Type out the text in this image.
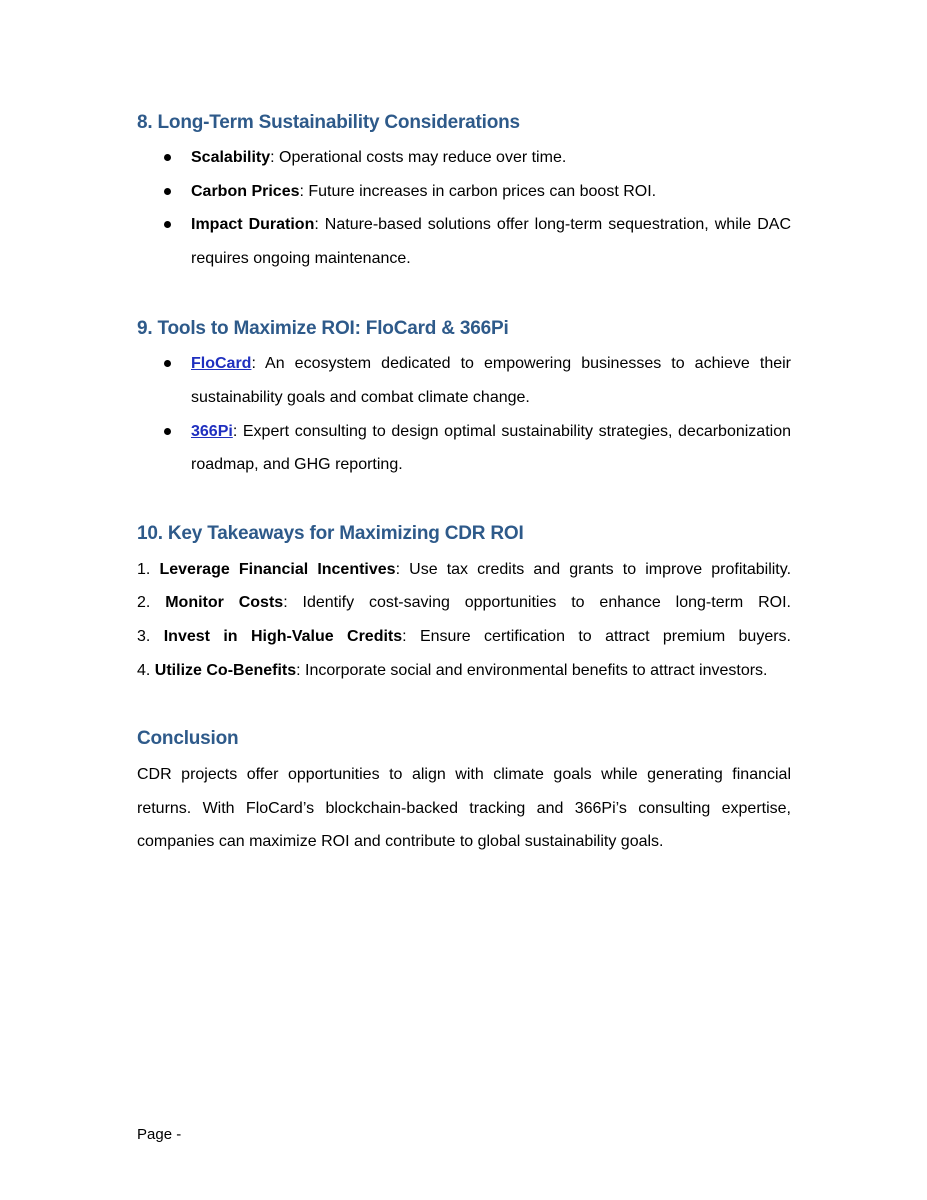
8. Long-Term Sustainability Considerations
Scalability: Operational costs may reduce over time.
Carbon Prices: Future increases in carbon prices can boost ROI.
Impact Duration: Nature-based solutions offer long-term sequestration, while DAC requires ongoing maintenance.
9. Tools to Maximize ROI: FloCard & 366Pi
FloCard: An ecosystem dedicated to empowering businesses to achieve their sustainability goals and combat climate change.
366Pi: Expert consulting to design optimal sustainability strategies, decarbonization roadmap, and GHG reporting.
10. Key Takeaways for Maximizing CDR ROI
1. Leverage Financial Incentives: Use tax credits and grants to improve profitability.
2. Monitor Costs: Identify cost-saving opportunities to enhance long-term ROI.
3. Invest in High-Value Credits: Ensure certification to attract premium buyers.
4. Utilize Co-Benefits: Incorporate social and environmental benefits to attract investors.
Conclusion

CDR projects offer opportunities to align with climate goals while generating financial returns. With FloCard’s blockchain-backed tracking and 366Pi’s consulting expertise, companies can maximize ROI and contribute to global sustainability goals.

Page -
